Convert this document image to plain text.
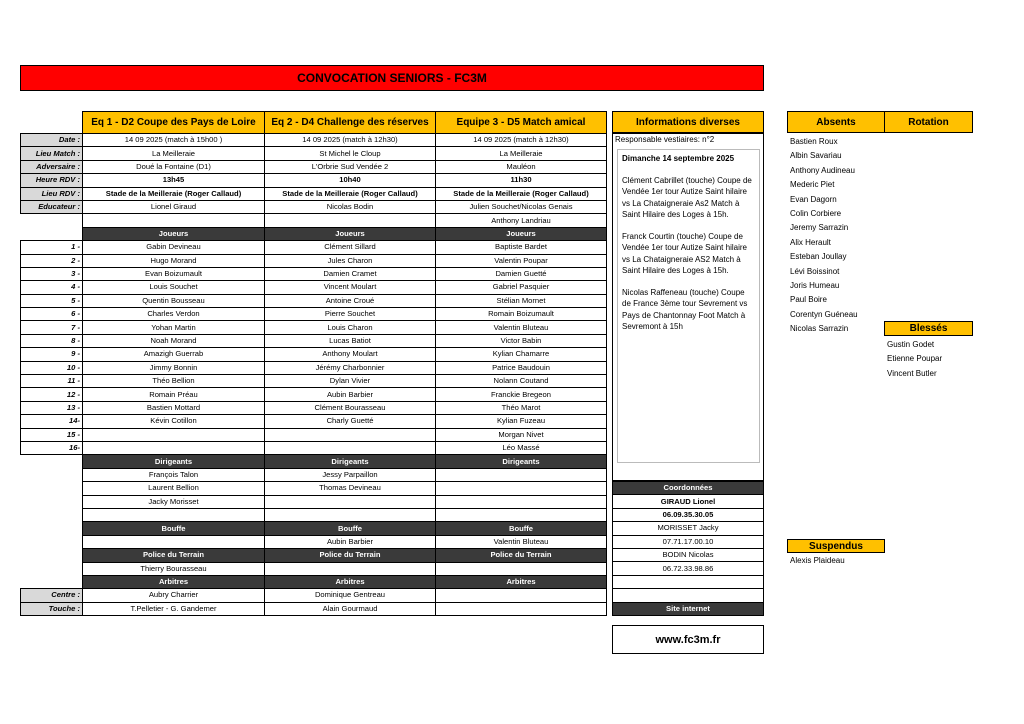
CONVOCATION SENIORS - FC3M
	Eq 1 - D2 Coupe des Pays de Loire	Eq 2 - D4 Challenge des réserves	Equipe 3 - D5 Match amical
Date :	14 09 2025 (match à 15h00 )	14 09 2025 (match à 12h30)	14 09 2025 (match à 12h30)
Lieu Match :	La Meilleraie	St Michel le Cloup	La Meilleraie
Adversaire :	Doué la Fontaine (D1)	L'Orbrie Sud Vendée 2	Mauléon
Heure RDV :	13h45	10h40	11h30
Lieu RDV :	Stade de la Meilleraie (Roger Callaud)	Stade de la Meilleraie (Roger Callaud)	Stade de la Meilleraie (Roger Callaud)
Educateur :	Lionel Giraud	Nicolas Bodin	Julien Souchet/Nicolas Genais
			Anthony Landriau
	Joueurs	Joueurs	Joueurs
1 -	Gabin Devineau	Clément Sillard	Baptiste Bardet
2 -	Hugo Morand	Jules Charon	Valentin Poupar
3 -	Evan Boizumault	Damien Cramet	Damien Guetté
4 -	Louis Souchet	Vincent Moulart	Gabriel Pasquier
5 -	Quentin Bousseau	Antoine Croué	Stélian Mornet
6 -	Charles Verdon	Pierre Souchet	Romain Boizumault
7 -	Yohan Martin	Louis Charon	Valentin Bluteau
8 -	Noah Morand	Lucas Batiot	Victor Babin
9 -	Amazigh Guerrab	Anthony Moulart	Kylian Chamarre
10 -	Jimmy Bonnin	Jérémy Charbonnier	Patrice Baudouin
11 -	Théo Bellion	Dylan Vivier	Nolann Coutand
12 -	Romain Préau	Aubin Barbier	Franckie Bregeon
13 -	Bastien Mottard	Clément Bourasseau	Théo Marot
14-	Kévin Cotillon	Charly Guetté	Kylian Fuzeau
15 -			Morgan Nivet
16-			Léo Massé
	Dirigeants	Dirigeants	Dirigeants
	François Talon	Jessy Parpaillon	
	Laurent Bellion	Thomas Devineau	
	Jacky Morisset		

	Bouffe	Bouffe	Bouffe
		Aubin Barbier	Valentin Bluteau
	Police du Terrain	Police du Terrain	Police du Terrain
	Thierry Bourasseau		
	Arbitres	Arbitres	Arbitres
Centre :	Aubry Charrier	Dominique Gentreau	
Touche :	T.Pelletier - G. Gandemer	Alain Gourmaud	
Informations diverses
Responsable vestiaires: n°2

Dimanche 14 septembre 2025

Clément Cabrillet (touche) Coupe de Vendée 1er tour Autize Saint hilaire vs La Chataigneraie As2 Match à Saint Hilaire des Loges à 15h.

Franck Courtin (touche) Coupe de Vendée 1er tour Autize Saint hilaire vs La Chataigneraie AS2 Match à Saint Hilaire des Loges à 15h.

Nicolas Raffeneau (touche) Coupe de France 3ème tour Sevrement vs Pays de Chantonnay Foot Match à Sevremont à 15h

Coordonnées
GIRAUD Lionel
06.09.35.30.05
MORISSET Jacky
07.71.17.00.10
BODIN Nicolas
06.72.33.98.86

Site internet
www.fc3m.fr
Absents	Rotation
Bastien Roux
Albin Savariau
Anthony Audineau
Mederic Piet
Evan Dagorn
Colin Corbiere
Jeremy Sarrazin
Alix Herault
Esteban Joullay
Lévi Boissinot
Joris Humeau
Paul Boire
Corentyn Guéneau
Nicolas Sarrazin	Blessés
Gustin Godet
Etienne Poupar
Vincent Butler
Suspendus
Alexis Plaideau
